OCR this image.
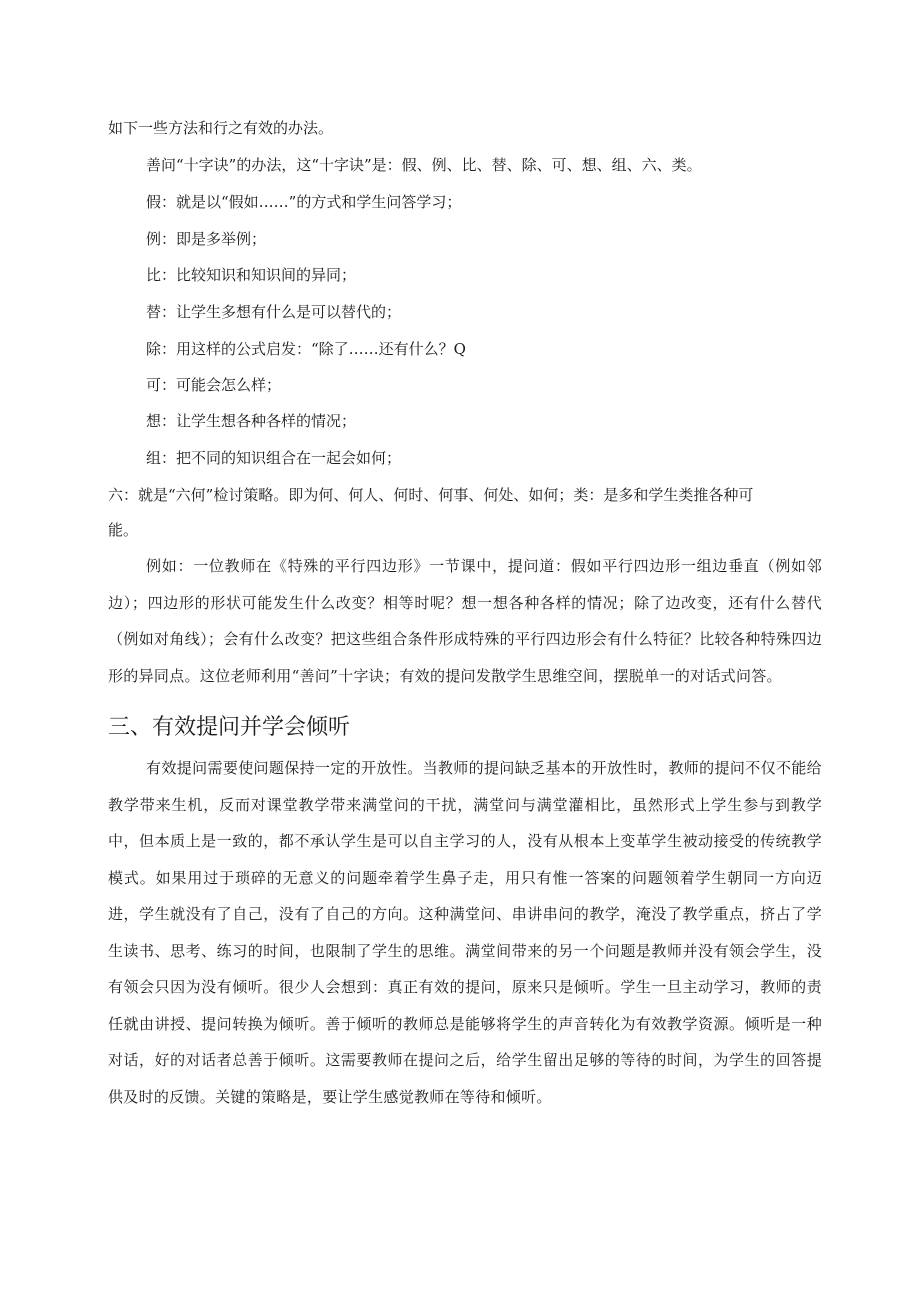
如下一些方法和行之有效的办法。
善问“十字诀”的办法，这“十字诀”是：假、例、比、替、除、可、想、组、六、类。
假：就是以“假如……”的方式和学生问答学习；
例：即是多举例；
比：比较知识和知识间的异同；
替：让学生多想有什么是可以替代的；
除：用这样的公式启发：“除了……还有什么？Q
可：可能会怎么样；
想：让学生想各种各样的情况；
组：把不同的知识组合在一起会如何；
六：就是“六何”检讨策略。即为何、何人、何时、何事、何处、如何；类：是多和学生类推各种可
能。

例如：一位教师在《特殊的平行四边形》一节课中，提问道：假如平行四边形一组边垂直（例如邻边）；四边形的形状可能发生什么改变？相等时呢？想一想各种各样的情况；除了边改变，还有什么替代（例如对角线）；会有什么改变？把这些组合条件形成特殊的平行四边形会有什么特征？比较各种特殊四边形的异同点。这位老师利用“善问”十字诀；有效的提问发散学生思维空间，摆脱单一的对话式问答。

三、有效提问并学会倾听

有效提问需要使问题保持一定的开放性。当教师的提问缺乏基本的开放性时，教师的提问不仅不能给教学带来生机，反而对课堂教学带来满堂问的干扰，满堂问与满堂灌相比，虽然形式上学生参与到教学中，但本质上是一致的，都不承认学生是可以自主学习的人，没有从根本上变革学生被动接受的传统教学模式。如果用过于琐碎的无意义的问题牵着学生鼻子走，用只有惟一答案的问题领着学生朝同一方向迈进，学生就没有了自己，没有了自己的方向。这种满堂问、串讲串问的教学，淹没了教学重点，挤占了学生读书、思考、练习的时间，也限制了学生的思维。满堂间带来的另一个问题是教师并没有领会学生，没有领会只因为没有倾听。很少人会想到：真正有效的提问，原来只是倾听。学生一旦主动学习，教师的责任就由讲授、提问转换为倾听。善于倾听的教师总是能够将学生的声音转化为有效教学资源。倾听是一种对话，好的对话者总善于倾听。这需要教师在提问之后，给学生留出足够的等待的时间，为学生的回答提供及时的反馈。关键的策略是，要让学生感觉教师在等待和倾听。
